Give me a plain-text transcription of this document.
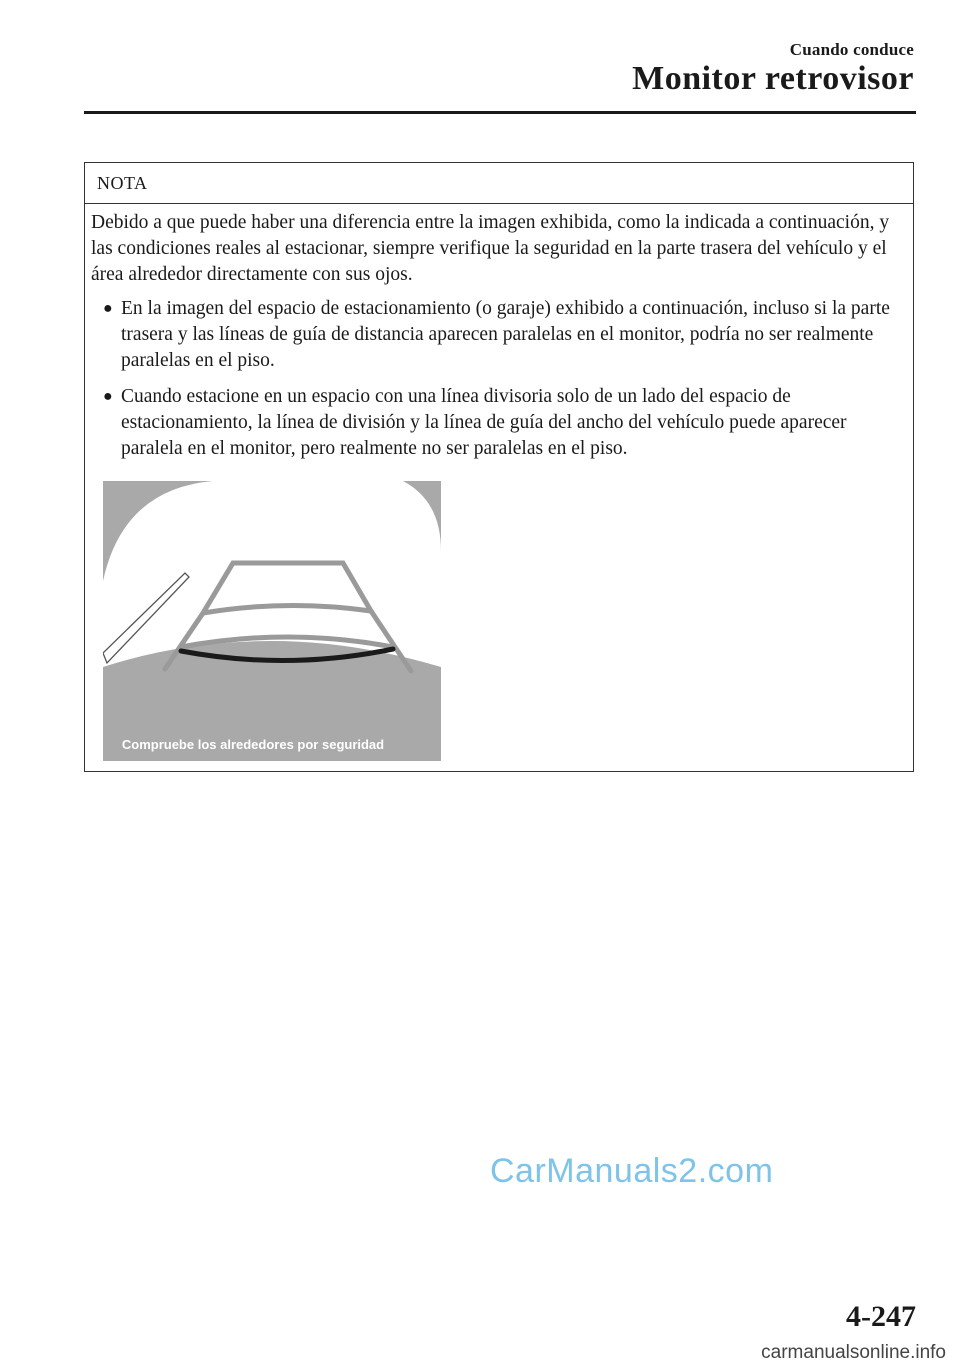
Cuando conduce
Monitor retrovisor
NOTA

Debido a que puede haber una diferencia entre la imagen exhibida, como la indicada a continuación, y las condiciones reales al estacionar, siempre verifique la seguridad en la parte trasera del vehículo y el área alrededor directamente con sus ojos.

● En la imagen del espacio de estacionamiento (o garaje) exhibido a continuación, incluso si la parte trasera y las líneas de guía de distancia aparecen paralelas en el monitor, podría no ser realmente paralelas en el piso.
● Cuando estacione en un espacio con una línea divisoria solo de un lado del espacio de estacionamiento, la línea de división y la línea de guía del ancho del vehículo puede aparecer paralela en el monitor, pero realmente no ser paralelas en el piso.
Compruebe los alrededores por seguridad
CarManuals2.com
4-247
carmanualsonline.info
